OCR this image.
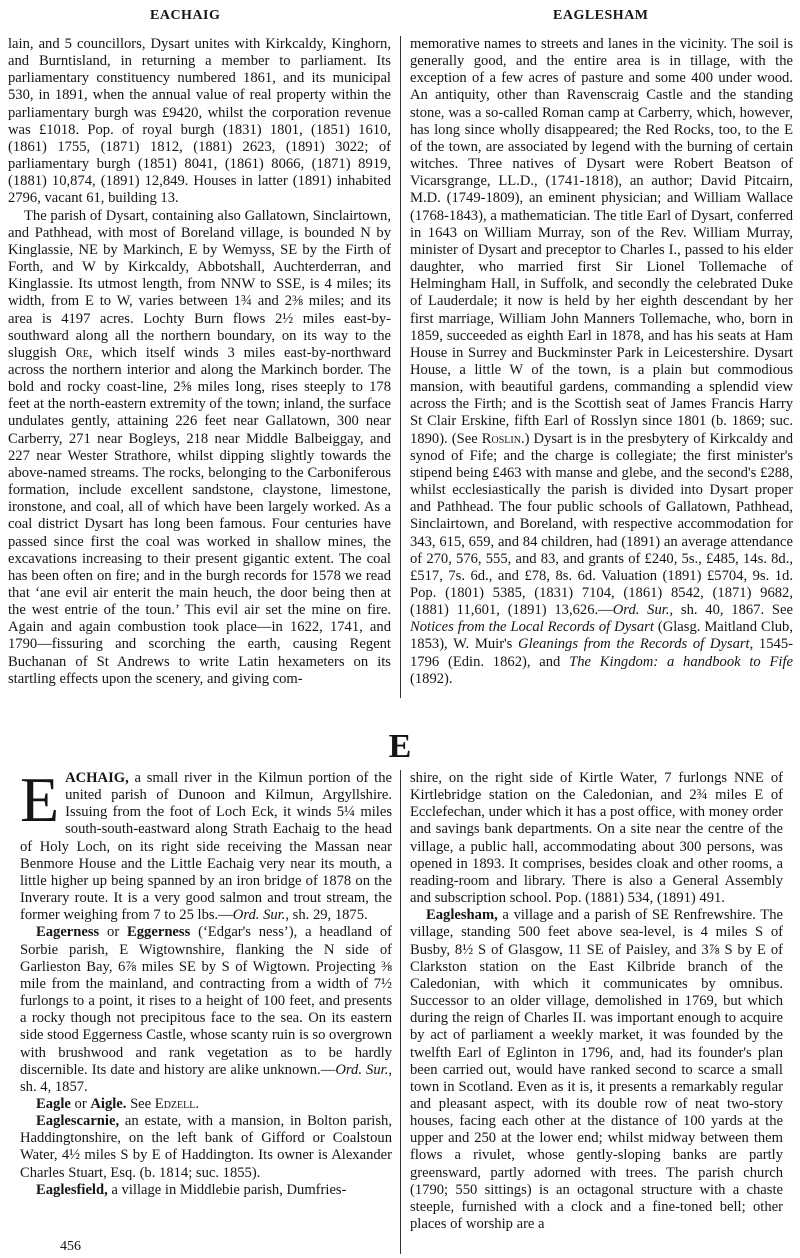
EACHAIG	EAGLESHAM

lain, and 5 councillors, Dysart unites with Kirkcaldy, Kinghorn, and Burntisland, in returning a member to parliament. Its parliamentary constituency numbered 1861, and its municipal 530, in 1891, when the annual value of real property within the parliamentary burgh was £9420, whilst the corporation revenue was £1018. Pop. of royal burgh (1831) 1801, (1851) 1610, (1861) 1755, (1871) 1812, (1881) 2623, (1891) 3022; of parliamentary burgh (1851) 8041, (1861) 8066, (1871) 8919, (1881) 10,874, (1891) 12,849. Houses in latter (1891) inhabited 2796, vacant 61, building 13.

The parish of Dysart, containing also Gallatown, Sinclairtown, and Pathhead, with most of Boreland village, is bounded N by Kinglassie, NE by Markinch, E by Wemyss, SE by the Firth of Forth, and W by Kirkcaldy, Abbotshall, Auchterderran, and Kinglassie. Its utmost length, from NNW to SSE, is 4 miles; its width, from E to W, varies between 1¾ and 2⅜ miles; and its area is 4197 acres. Lochty Burn flows 2½ miles east-by-southward along all the northern boundary, on its way to the sluggish Ore, which itself winds 3 miles east-by-northward across the northern interior and along the Markinch border. The bold and rocky coast-line, 2⅝ miles long, rises steeply to 178 feet at the north-eastern extremity of the town; inland, the surface undulates gently, attaining 226 feet near Gallatown, 300 near Carberry, 271 near Bogleys, 218 near Middle Balbeiggay, and 227 near Wester Strathore, whilst dipping slightly towards the above-named streams. The rocks, belonging to the Carboniferous formation, include excellent sandstone, claystone, limestone, ironstone, and coal, all of which have been largely worked. As a coal district Dysart has long been famous. Four centuries have passed since first the coal was worked in shallow mines, the excavations increasing to their present gigantic extent. The coal has been often on fire; and in the burgh records for 1578 we read that ‘ane evil air enterit the main heuch, the door being then at the west entrie of the toun.’ This evil air set the mine on fire. Again and again combustion took place—in 1622, 1741, and 1790—fissuring and scorching the earth, causing Regent Buchanan of St Andrews to write Latin hexameters on its startling effects upon the scenery, and giving com-

memorative names to streets and lanes in the vicinity. The soil is generally good, and the entire area is in tillage, with the exception of a few acres of pasture and some 400 under wood. An antiquity, other than Ravenscraig Castle and the standing stone, was a so-called Roman camp at Carberry, which, however, has long since wholly disappeared; the Red Rocks, too, to the E of the town, are associated by legend with the burning of certain witches. Three natives of Dysart were Robert Beatson of Vicarsgrange, LL.D., (1741-1818), an author; David Pitcairn, M.D. (1749-1809), an eminent physician; and William Wallace (1768-1843), a mathematician. The title Earl of Dysart, conferred in 1643 on William Murray, son of the Rev. William Murray, minister of Dysart and preceptor to Charles I., passed to his elder daughter, who married first Sir Lionel Tollemache of Helmingham Hall, in Suffolk, and secondly the celebrated Duke of Lauderdale; it now is held by her eighth descendant by her first marriage, William John Manners Tollemache, who, born in 1859, succeeded as eighth Earl in 1878, and has his seats at Ham House in Surrey and Buckminster Park in Leicestershire. Dysart House, a little W of the town, is a plain but commodious mansion, with beautiful gardens, commanding a splendid view across the Firth; and is the Scottish seat of James Francis Harry St Clair Erskine, fifth Earl of Rosslyn since 1801 (b. 1869; suc. 1890). (See Roslin.) Dysart is in the presbytery of Kirkcaldy and synod of Fife; and the charge is collegiate; the first minister's stipend being £463 with manse and glebe, and the second's £288, whilst ecclesiastically the parish is divided into Dysart proper and Pathhead. The four public schools of Gallatown, Pathhead, Sinclairtown, and Boreland, with respective accommodation for 343, 615, 659, and 84 children, had (1891) an average attendance of 270, 576, 555, and 83, and grants of £240, 5s., £485, 14s. 8d., £517, 7s. 6d., and £78, 8s. 6d. Valuation (1891) £5704, 9s. 1d. Pop. (1801) 5385, (1831) 7104, (1861) 8542, (1871) 9682, (1881) 11,601, (1891) 13,626.—Ord. Sur., sh. 40, 1867. See Notices from the Local Records of Dysart (Glasg. Maitland Club, 1853), W. Muir's Gleanings from the Records of Dysart, 1545-1796 (Edin. 1862), and The Kingdom: a handbook to Fife (1892).

E

EACHAIG, a small river in the Kilmun portion of the united parish of Dunoon and Kilmun, Argyllshire. Issuing from the foot of Loch Eck, it winds 5¼ miles south-south-eastward along Strath Eachaig to the head of Holy Loch, on its right side receiving the Massan near Benmore House and the Little Eachaig very near its mouth, a little higher up being spanned by an iron bridge of 1878 on the Inverary route. It is a very good salmon and trout stream, the former weighing from 7 to 25 lbs.—Ord. Sur., sh. 29, 1875.

Eagerness or Eggerness (‘Edgar's ness’), a headland of Sorbie parish, E Wigtownshire, flanking the N side of Garlieston Bay, 6⅞ miles SE by S of Wigtown. Projecting ⅜ mile from the mainland, and contracting from a width of 7½ furlongs to a point, it rises to a height of 100 feet, and presents a rocky though not precipitous face to the sea. On its eastern side stood Eggerness Castle, whose scanty ruin is so overgrown with brushwood and rank vegetation as to be hardly discernible. Its date and history are alike unknown.—Ord. Sur., sh. 4, 1857.

Eagle or Aigle. See Edzell.

Eaglescarnie, an estate, with a mansion, in Bolton parish, Haddingtonshire, on the left bank of Gifford or Coalstoun Water, 4½ miles S by E of Haddington. Its owner is Alexander Charles Stuart, Esq. (b. 1814; suc. 1855).

Eaglesfield, a village in Middlebie parish, Dumfries-

shire, on the right side of Kirtle Water, 7 furlongs NNE of Kirtlebridge station on the Caledonian, and 2¾ miles E of Ecclefechan, under which it has a post office, with money order and savings bank departments. On a site near the centre of the village, a public hall, accommodating about 300 persons, was opened in 1893. It comprises, besides cloak and other rooms, a reading-room and library. There is also a General Assembly and subscription school. Pop. (1881) 534, (1891) 491.

Eaglesham, a village and a parish of SE Renfrewshire. The village, standing 500 feet above sea-level, is 4 miles S of Busby, 8½ S of Glasgow, 11 SE of Paisley, and 3⅞ S by E of Clarkston station on the East Kilbride branch of the Caledonian, with which it communicates by omnibus. Successor to an older village, demolished in 1769, but which during the reign of Charles II. was important enough to acquire by act of parliament a weekly market, it was founded by the twelfth Earl of Eglinton in 1796, and, had its founder's plan been carried out, would have ranked second to scarce a small town in Scotland. Even as it is, it presents a remarkably regular and pleasant aspect, with its double row of neat two-story houses, facing each other at the distance of 100 yards at the upper and 250 at the lower end; whilst midway between them flows a rivulet, whose gently-sloping banks are partly greensward, partly adorned with trees. The parish church (1790; 550 sittings) is an octagonal structure with a chaste steeple, furnished with a clock and a fine-toned bell; other places of worship are a

456
